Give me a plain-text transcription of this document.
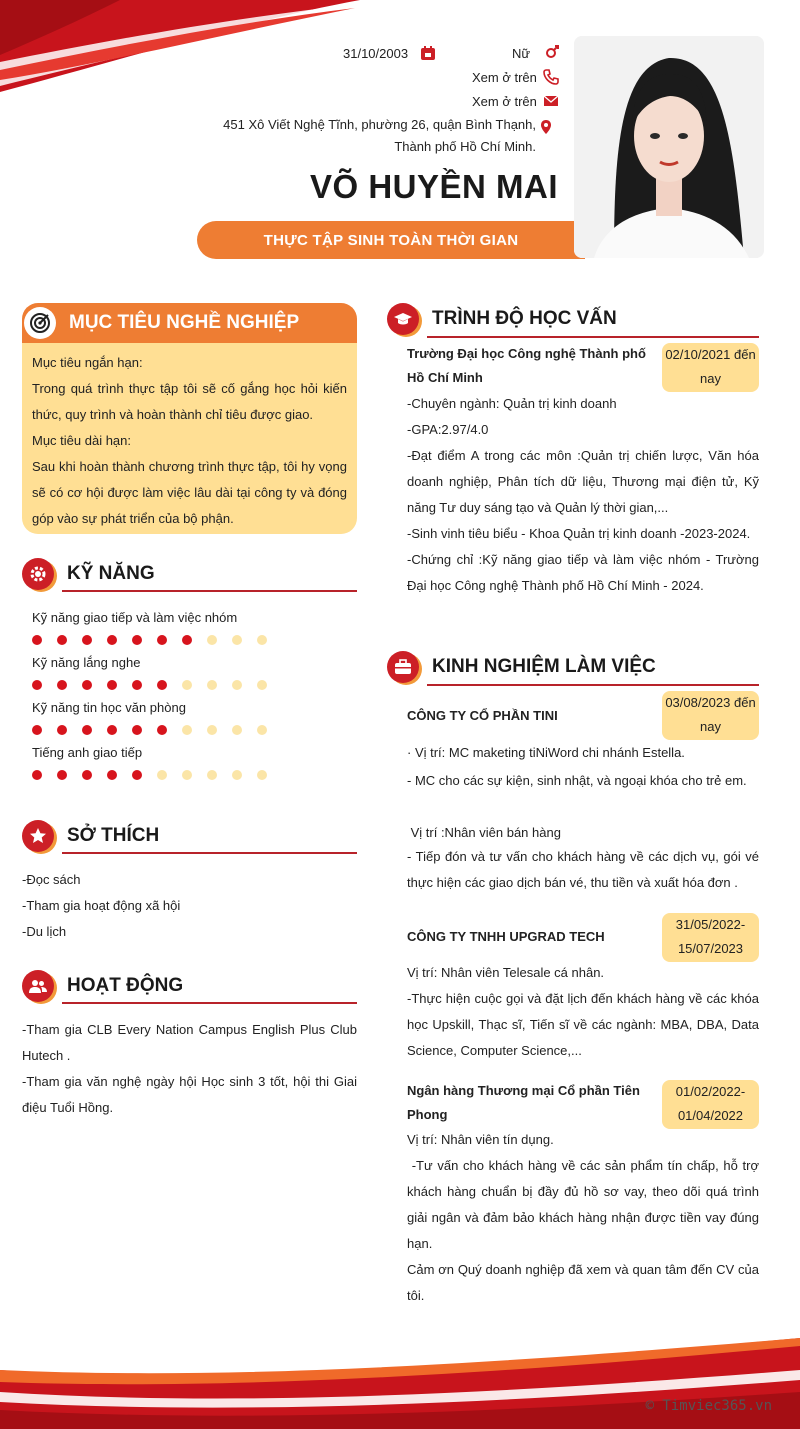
31/10/2003	Nữ
Xem ở trên
Xem ở trên
451 Xô Viết Nghệ Tĩnh, phường 26, quận Bình Thạnh,
Thành phố Hồ Chí Minh.
VÕ HUYỀN MAI
THỰC TẬP SINH TOÀN THỜI GIAN
MỤC TIÊU NGHỀ NGHIỆP
Mục tiêu ngắn hạn:
Trong quá trình thực tập tôi sẽ cố gắng học hỏi kiến thức, quy trình và hoàn thành chỉ tiêu được giao.
Mục tiêu dài hạn:
Sau khi hoàn thành chương trình thực tập, tôi hy vọng sẽ có cơ hội được làm việc lâu dài tại công ty và đóng góp vào sự phát triển của bộ phận.
KỸ NĂNG
Kỹ năng giao tiếp và làm việc nhóm
Kỹ năng lắng nghe
Kỹ năng tin học văn phòng
Tiếng anh giao tiếp
SỞ THÍCH
-Đọc sách
-Tham gia hoạt động xã hội
-Du lịch
HOẠT ĐỘNG
-Tham gia CLB Every Nation Campus English Plus Club Hutech .
-Tham gia văn nghệ ngày hội Học sinh 3 tốt, hội thi Giai điệu Tuổi Hồng.
TRÌNH ĐỘ HỌC VẤN
Trường Đại học Công nghệ Thành phố Hồ Chí Minh
02/10/2021 đến nay
-Chuyên ngành: Quản trị kinh doanh
-GPA:2.97/4.0
-Đạt điểm A trong các môn :Quản trị chiến lược, Văn hóa doanh nghiệp, Phân tích dữ liệu, Thương mại điện tử, Kỹ năng Tư duy sáng tạo và Quản lý thời gian,...
-Sinh vinh tiêu biểu - Khoa Quản trị kinh doanh -2023-2024.
-Chứng chỉ :Kỹ năng giao tiếp và làm việc nhóm - Trường Đại học Công nghệ Thành phố Hồ Chí Minh - 2024.
KINH NGHIỆM LÀM VIỆC
CÔNG TY CỔ PHẦN TINI
03/08/2023 đến nay
· Vị trí: MC maketing tiNiWord chi nhánh Estella.
- MC cho các sự kiện, sinh nhật, và ngoại khóa cho trẻ em.
Vị trí :Nhân viên bán hàng
- Tiếp đón và tư vấn cho khách hàng về các dịch vụ, gói vé thực hiện các giao dịch bán vé, thu tiền và xuất hóa đơn .
CÔNG TY TNHH UPGRAD TECH
31/05/2022- 15/07/2023
Vị trí: Nhân viên Telesale cá nhân.
-Thực hiện cuộc gọi và đặt lịch đến khách hàng về các khóa học Upskill, Thạc sĩ, Tiến sĩ về các ngành: MBA, DBA, Data Science, Computer Science,...
Ngân hàng Thương mại Cổ phần Tiên Phong
01/02/2022- 01/04/2022
Vị trí: Nhân viên tín dụng.
-Tư vấn cho khách hàng về các sản phẩm tín chấp, hỗ trợ khách hàng chuẩn bị đầy đủ hồ sơ vay, theo dõi quá trình giải ngân và đảm bảo khách hàng nhận được tiền vay đúng hạn.
Cảm ơn Quý doanh nghiệp đã xem và quan tâm đến CV của tôi.
© Timviec365.vn
